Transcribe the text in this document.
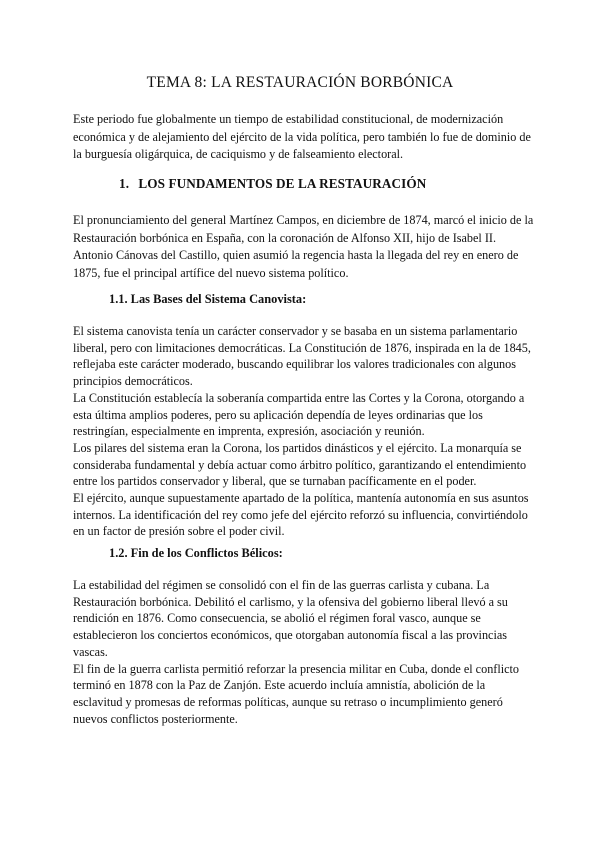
TEMA 8: LA RESTAURACIÓN BORBÓNICA

Este periodo fue globalmente un tiempo de estabilidad constitucional, de modernización económica y de alejamiento del ejército de la vida política, pero también lo fue de dominio de la burguesía oligárquica, de caciquismo y de falseamiento electoral.

1. LOS FUNDAMENTOS DE LA RESTAURACIÓN

El pronunciamiento del general Martínez Campos, en diciembre de 1874, marcó el inicio de la Restauración borbónica en España, con la coronación de Alfonso XII, hijo de Isabel II. Antonio Cánovas del Castillo, quien asumió la regencia hasta la llegada del rey en enero de 1875, fue el principal artífice del nuevo sistema político.

1.1. Las Bases del Sistema Canovista:
El sistema canovista tenía un carácter conservador y se basaba en un sistema parlamentario liberal, pero con limitaciones democráticas. La Constitución de 1876, inspirada en la de 1845, reflejaba este carácter moderado, buscando equilibrar los valores tradicionales con algunos principios democráticos.
La Constitución establecía la soberanía compartida entre las Cortes y la Corona, otorgando a esta última amplios poderes, pero su aplicación dependía de leyes ordinarias que los restringían, especialmente en imprenta, expresión, asociación y reunión.
Los pilares del sistema eran la Corona, los partidos dinásticos y el ejército. La monarquía se consideraba fundamental y debía actuar como árbitro político, garantizando el entendimiento entre los partidos conservador y liberal, que se turnaban pacíficamente en el poder.
El ejército, aunque supuestamente apartado de la política, mantenía autonomía en sus asuntos internos. La identificación del rey como jefe del ejército reforzó su influencia, convirtiéndolo en un factor de presión sobre el poder civil.
1.2. Fin de los Conflictos Bélicos:
La estabilidad del régimen se consolidó con el fin de las guerras carlista y cubana. La Restauración borbónica. Debilitó el carlismo, y la ofensiva del gobierno liberal llevó a su rendición en 1876. Como consecuencia, se abolió el régimen foral vasco, aunque se establecieron los conciertos económicos, que otorgaban autonomía fiscal a las provincias vascas.
El fin de la guerra carlista permitió reforzar la presencia militar en Cuba, donde el conflicto terminó en 1878 con la Paz de Zanjón. Este acuerdo incluía amnistía, abolición de la esclavitud y promesas de reformas políticas, aunque su retraso o incumplimiento generó nuevos conflictos posteriormente.
